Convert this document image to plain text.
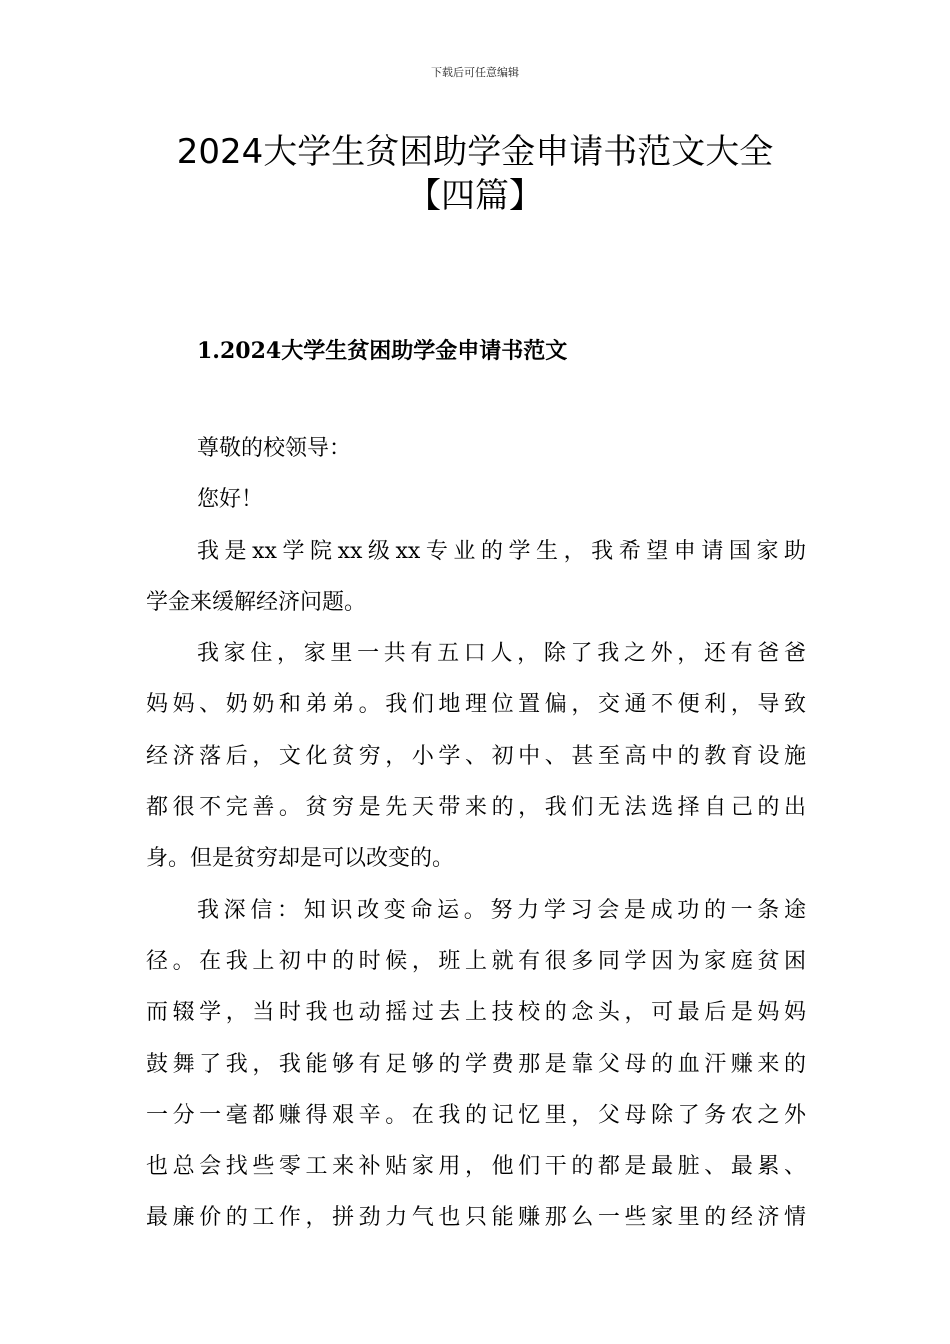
下载后可任意编辑
2024大学生贫困助学金申请书范文大全
【四篇】
1.2024大学生贫困助学金申请书范文

尊敬的校领导：

您好！

我是xx学院xx级xx专业的学生，我希望申请国家助
学金来缓解经济问题。

我家住，家里一共有五口人，除了我之外，还有爸爸
妈妈、奶奶和弟弟。我们地理位置偏，交通不便利，导致
经济落后，文化贫穷，小学、初中、甚至高中的教育设施
都很不完善。贫穷是先天带来的，我们无法选择自己的出
身。但是贫穷却是可以改变的。

我深信：知识改变命运。努力学习会是成功的一条途
径。在我上初中的时候，班上就有很多同学因为家庭贫困
而辍学，当时我也动摇过去上技校的念头，可最后是妈妈
鼓舞了我，我能够有足够的学费那是靠父母的血汗赚来的
一分一毫都赚得艰辛。在我的记忆里，父母除了务农之外
也总会找些零工来补贴家用，他们干的都是最脏、最累、
最廉价的工作，拼劲力气也只能赚那么一些家里的经济情
